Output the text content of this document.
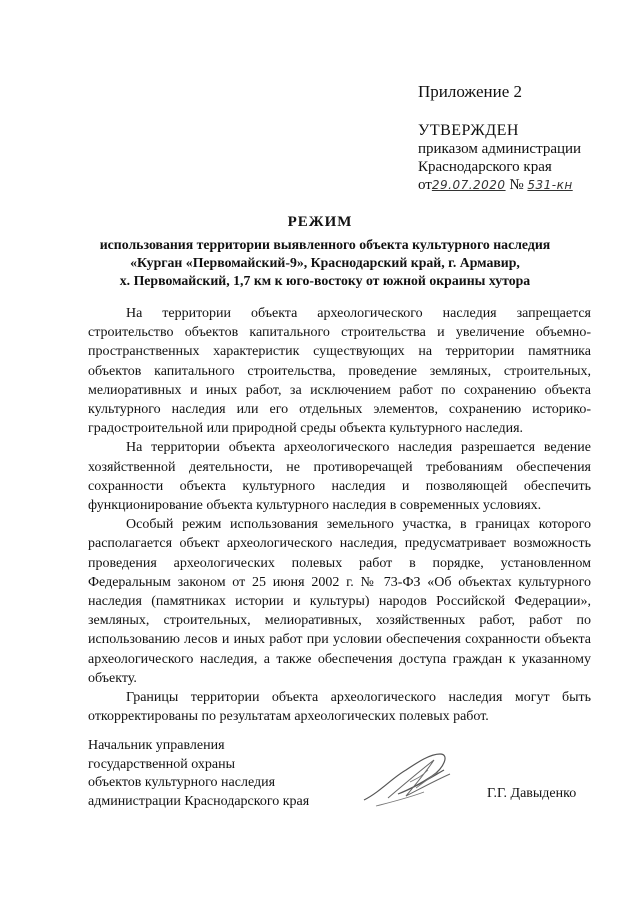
Приложение 2
УТВЕРЖДЕН
приказом администрации
Краснодарского края
от29.07.2020 № 531-кн
РЕЖИМ
использования территории выявленного объекта культурного наследия
«Курган «Первомайский-9», Краснодарский край, г. Армавир,
х. Первомайский, 1,7 км к юго-востоку от южной окраины хутора

На территории объекта археологического наследия запрещается строительство объектов капитального строительства и увеличение объемно-пространственных характеристик существующих на территории памятника объектов капитального строительства, проведение земляных, строительных, мелиоративных и иных работ, за исключением работ по сохранению объекта культурного наследия или его отдельных элементов, сохранению историко-градостроительной или природной среды объекта культурного наследия.

На территории объекта археологического наследия разрешается ведение хозяйственной деятельности, не противоречащей требованиям обеспечения сохранности объекта культурного наследия и позволяющей обеспечить функционирование объекта культурного наследия в современных условиях.

Особый режим использования земельного участка, в границах которого располагается объект археологического наследия, предусматривает возможность проведения археологических полевых работ в порядке, установленном Федеральным законом от 25 июня 2002 г. № 73-ФЗ «Об объектах культурного наследия (памятниках истории и культуры) народов Российской Федерации», земляных, строительных, мелиоративных, хозяйственных работ, работ по использованию лесов и иных работ при условии обеспечения сохранности объекта археологического наследия, а также обеспечения доступа граждан к указанному объекту.

Границы территории объекта археологического наследия могут быть откорректированы по результатам археологических полевых работ.

Начальник управления
государственной охраны
объектов культурного наследия
администрации Краснодарского края	Г.Г. Давыденко
